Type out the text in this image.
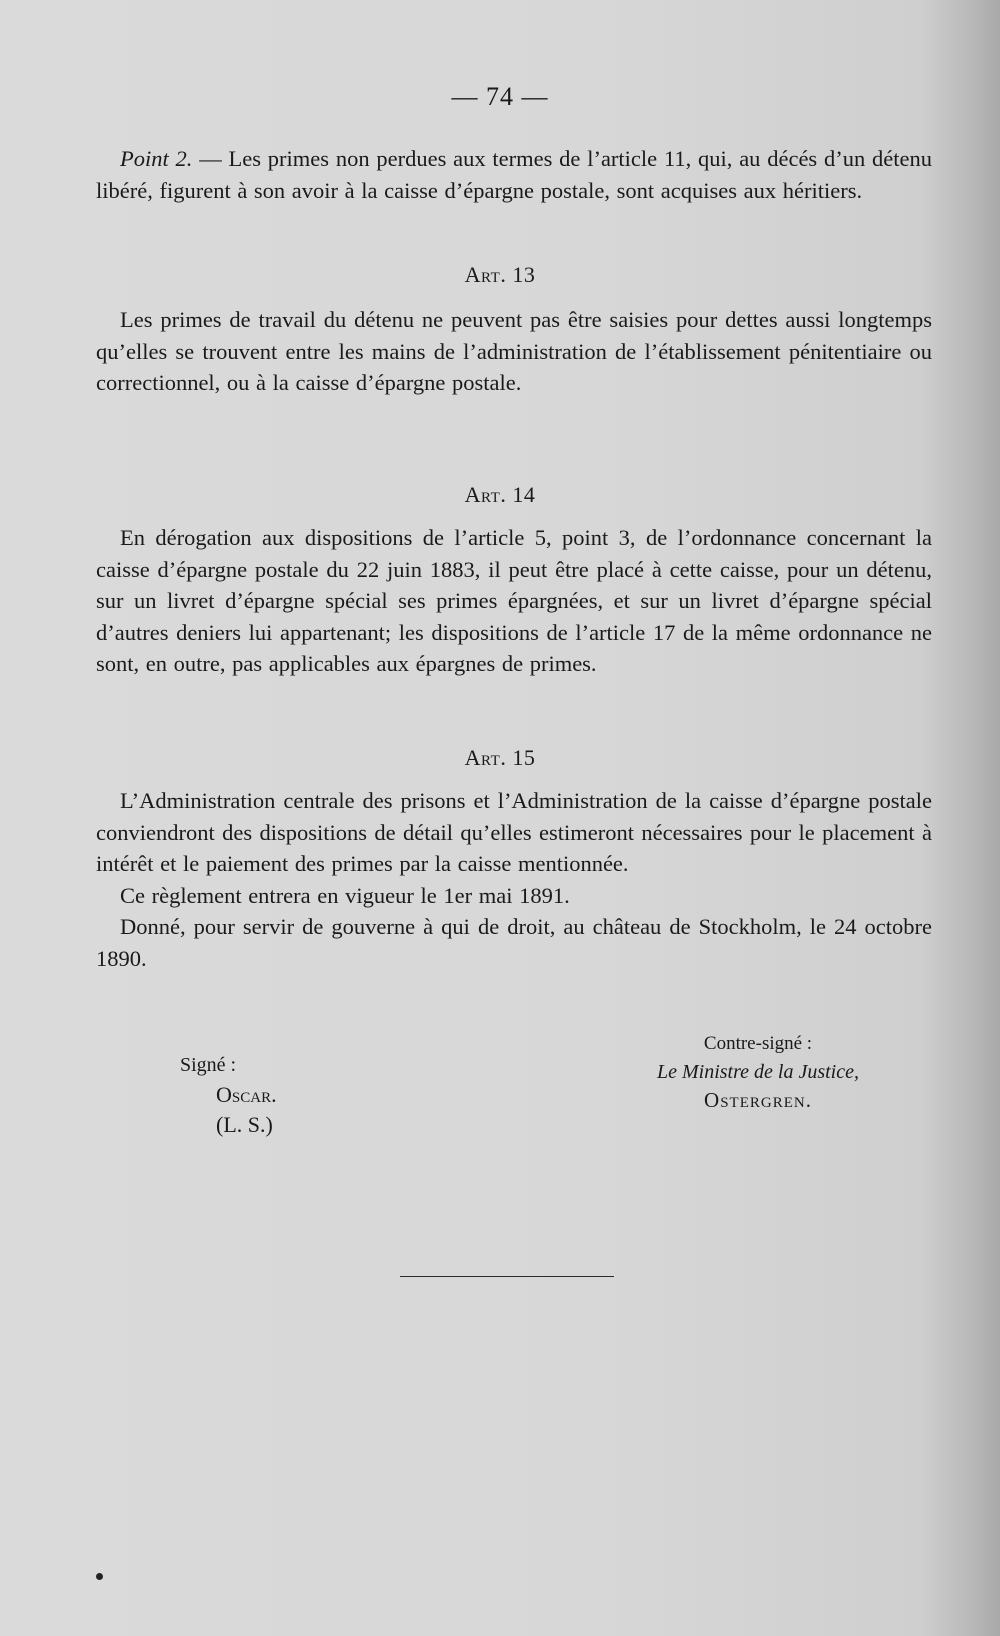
— 74 —

Point 2. — Les primes non perdues aux termes de l’article 11, qui, au décés d’un détenu libéré, figurent à son avoir à la caisse d’épargne postale, sont acquises aux héritiers.

Art. 13

Les primes de travail du détenu ne peuvent pas être saisies pour dettes aussi longtemps qu’elles se trouvent entre les mains de l’administration de l’établissement pénitentiaire ou correctionnel, ou à la caisse d’épargne postale.

Art. 14

En dérogation aux dispositions de l’article 5, point 3, de l’ordonnance concernant la caisse d’épargne postale du 22 juin 1883, il peut être placé à cette caisse, pour un détenu, sur un livret d’épargne spécial ses primes épargnées, et sur un livret d’épargne spécial d’autres deniers lui appartenant; les dispositions de l’article 17 de la même ordonnance ne sont, en outre, pas applicables aux épargnes de primes.

Art. 15

L’Administration centrale des prisons et l’Administration de la caisse d’épargne postale conviendront des dispositions de détail qu’elles estimeront nécessaires pour le placement à intérêt et le paiement des primes par la caisse mentionnée.

Ce règlement entrera en vigueur le 1er mai 1891.

Donné, pour servir de gouverne à qui de droit, au château de Stockholm, le 24 octobre 1890.

Signé :
Oscar.
(L. S.)
Contre-signé :
Le Ministre de la Justice,
Ostergren.
